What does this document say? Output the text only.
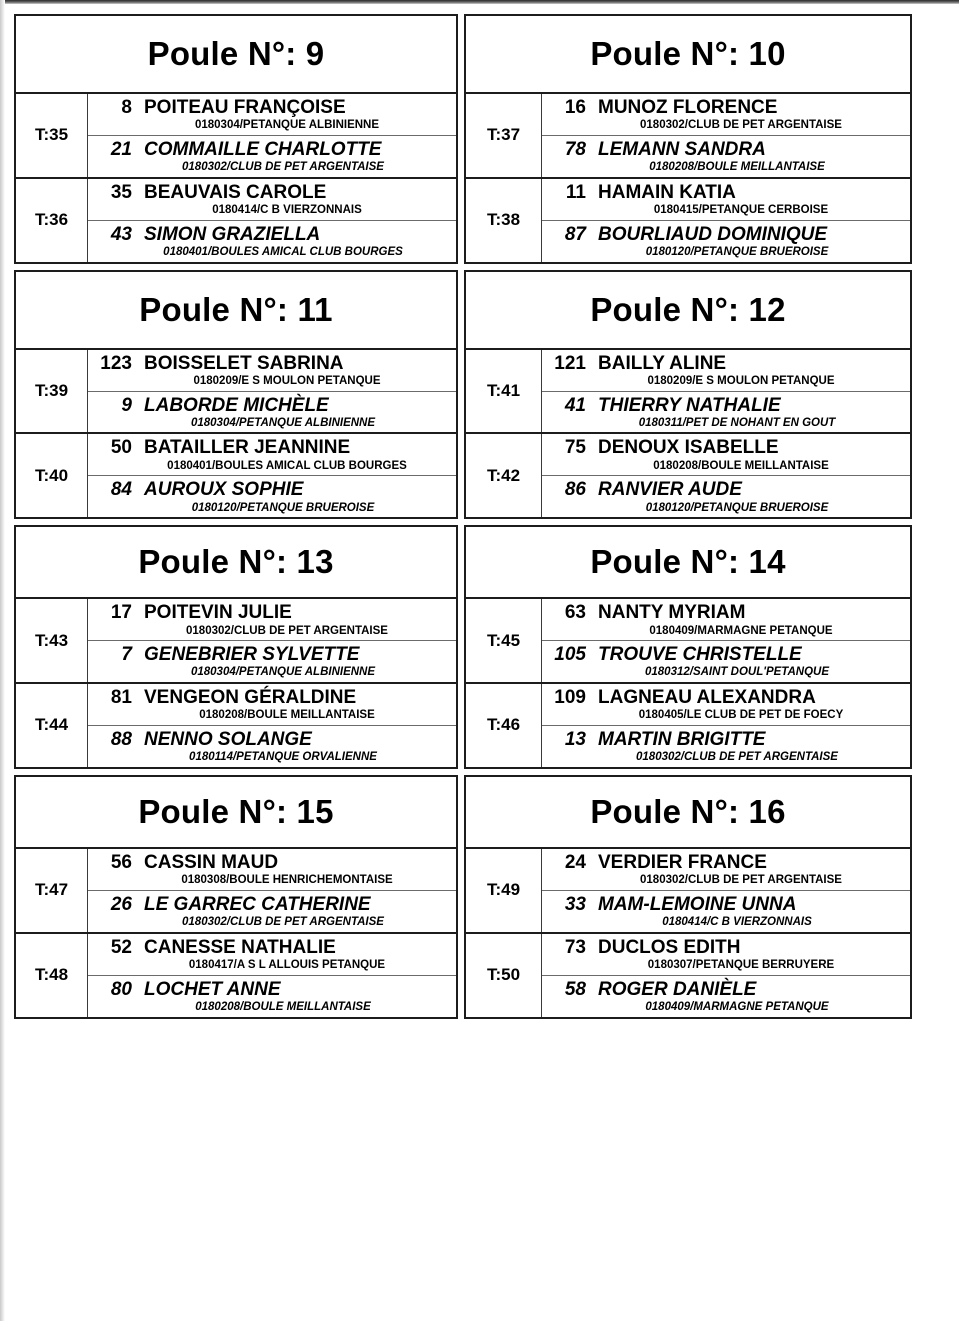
Poule N°: 9
T:35
8 POITEAU FRANÇOISE
0180304/PETANQUE ALBINIENNE
21 COMMAILLE CHARLOTTE
0180302/CLUB DE PET ARGENTAISE
T:36
35 BEAUVAIS CAROLE
0180414/C B VIERZONNAIS
43 SIMON GRAZIELLA
0180401/BOULES AMICAL CLUB BOURGES
Poule N°: 10
T:37
16 MUNOZ FLORENCE
0180302/CLUB DE PET ARGENTAISE
78 LEMANN SANDRA
0180208/BOULE MEILLANTAISE
T:38
11 HAMAIN KATIA
0180415/PETANQUE CERBOISE
87 BOURLIAUD DOMINIQUE
0180120/PETANQUE BRUEROISE
Poule N°: 11
T:39
123 BOISSELET SABRINA
0180209/E S MOULON PETANQUE
9 LABORDE MICHÈLE
0180304/PETANQUE ALBINIENNE
T:40
50 BATAILLER JEANNINE
0180401/BOULES AMICAL CLUB BOURGES
84 AUROUX SOPHIE
0180120/PETANQUE BRUEROISE
Poule N°: 12
T:41
121 BAILLY ALINE
0180209/E S MOULON PETANQUE
41 THIERRY NATHALIE
0180311/PET DE NOHANT EN GOUT
T:42
75 DENOUX ISABELLE
0180208/BOULE MEILLANTAISE
86 RANVIER AUDE
0180120/PETANQUE BRUEROISE
Poule N°: 13
T:43
17 POITEVIN JULIE
0180302/CLUB DE PET ARGENTAISE
7 GENEBRIER SYLVETTE
0180304/PETANQUE ALBINIENNE
T:44
81 VENGEON GÉRALDINE
0180208/BOULE MEILLANTAISE
88 NENNO SOLANGE
0180114/PETANQUE ORVALIENNE
Poule N°: 14
T:45
63 NANTY MYRIAM
0180409/MARMAGNE PETANQUE
105 TROUVE CHRISTELLE
0180312/SAINT DOUL'PETANQUE
T:46
109 LAGNEAU ALEXANDRA
0180405/LE CLUB DE PET DE FOECY
13 MARTIN BRIGITTE
0180302/CLUB DE PET ARGENTAISE
Poule N°: 15
T:47
56 CASSIN MAUD
0180308/BOULE HENRICHEMONTAISE
26 LE GARREC CATHERINE
0180302/CLUB DE PET ARGENTAISE
T:48
52 CANESSE NATHALIE
0180417/A S L ALLOUIS PETANQUE
80 LOCHET ANNE
0180208/BOULE MEILLANTAISE
Poule N°: 16
T:49
24 VERDIER FRANCE
0180302/CLUB DE PET ARGENTAISE
33 MAM-LEMOINE UNNA
0180414/C B VIERZONNAIS
T:50
73 DUCLOS EDITH
0180307/PETANQUE BERRUYERE
58 ROGER DANIÈLE
0180409/MARMAGNE PETANQUE
